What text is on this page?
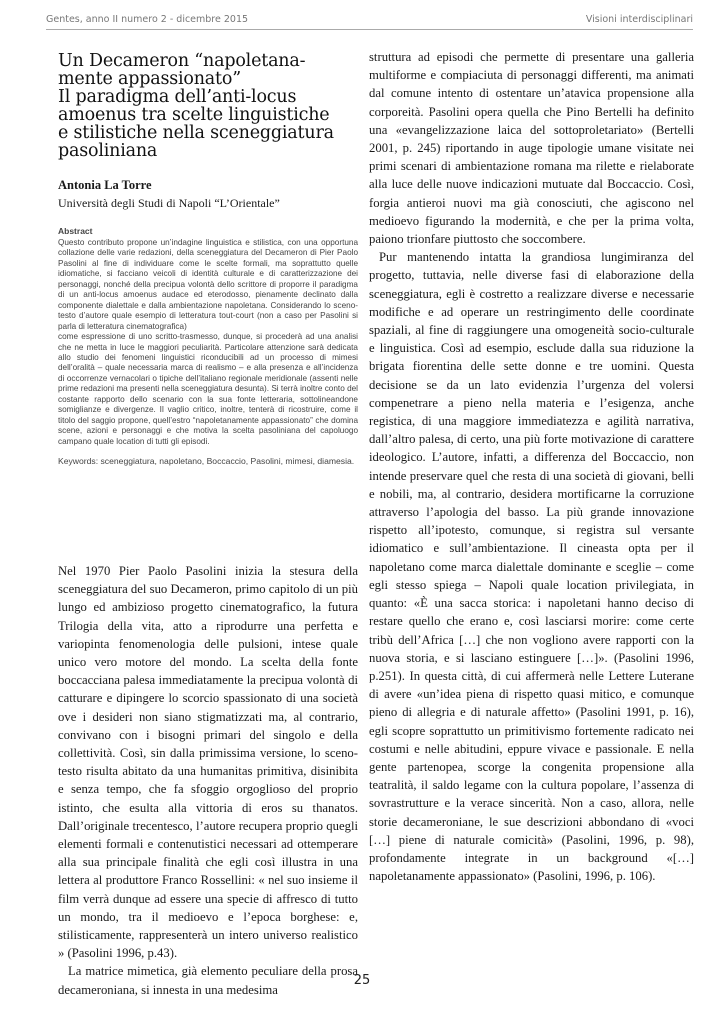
Gentes, anno II numero 2 - dicembre 2015	Visioni interdisciplinari
Un Decameron “napoletana-
mente appassionato”
Il paradigma dell’anti-locus
amoenus tra scelte linguistiche
e stilistiche nella sceneggiatura
pasoliniana
Antonia La Torre
Università degli Studi di Napoli “L’Orientale”
Abstract

Questo contributo propone un’indagine linguistica e stilistica, con una opportuna collazione delle varie redazioni, della sceneggiatura del Decameron di Pier Paolo Pasolini al fine di individuare come le scelte formali, ma soprattutto quelle idiomatiche, si facciano veicoli di identità culturale e di caratterizzazione dei personaggi, nonché della precipua volontà dello scrittore di proporre il paradigma di un anti-locus amoenus audace ed eterodosso, pienamente declinato dalla componente dialettale e dalla ambientazione napoletana. Considerando lo sceno-testo d’autore quale esempio di letteratura tout-court (non a caso per Pasolini si parla di letteratura cinematografica)

come espressione di uno scritto-trasmesso, dunque, si procederà ad una analisi che ne metta in luce le maggiori peculiarità. Particolare attenzione sarà dedicata allo studio dei fenomeni linguistici riconducibili ad un processo di mimesi dell’oralità – quale necessaria marca di realismo – e alla presenza e all’incidenza di occorrenze vernacolari o tipiche dell’italiano regionale meridionale (assenti nelle prime redazioni ma presenti nella sceneggiatura desunta). Si terrà inoltre conto del costante rapporto dello scenario con la sua fonte letteraria, sottolineandone somiglianze e divergenze. Il vaglio critico, inoltre, tenterà di ricostruire, come il titolo del saggio propone, quell’estro “napoletanamente appassionato” che domina scene, azioni e personaggi e che motiva la scelta pasoliniana del capoluogo campano quale location di tutti gli episodi.

Keywords: sceneggiatura, napoletano, Boccaccio, Pasolini, mimesi, diamesia.

Nel 1970 Pier Paolo Pasolini inizia la stesura della sceneggiatura del suo Decameron, primo capitolo di un più lungo ed ambizioso progetto cinematografico, la futura Trilogia della vita, atto a riprodurre una perfetta e variopinta fenomenologia delle pulsioni, intese quale unico vero motore del mondo. La scelta della fonte boccacciana palesa immediatamente la precipua volontà di catturare e dipingere lo scorcio spassionato di una società ove i desideri non siano stigmatizzati ma, al contrario, convivano con i bisogni primari del singolo e della collettività. Così, sin dalla primissima versione, lo sceno-testo risulta abitato da una humanitas primitiva, disinibita e senza tempo, che fa sfoggio orgoglioso del proprio istinto, che esulta alla vittoria di eros su thanatos. Dall’originale trecentesco, l’autore recupera proprio quegli elementi formali e contenutistici necessari ad ottemperare alla sua principale finalità che egli così illustra in una lettera al produttore Franco Rossellini: « nel suo insieme il film verrà dunque ad essere una specie di affresco di tutto un mondo, tra il medioevo e l’epoca borghese: e, stilisticamente, rappresenterà un intero universo realistico » (Pasolini 1996, p.43).

La matrice mimetica, già elemento peculiare della prosa decameroniana, si innesta in una medesima

struttura ad episodi che permette di presentare una galleria multiforme e compiaciuta di personaggi differenti, ma animati dal comune intento di ostentare un’atavica propensione alla corporeità. Pasolini opera quella che Pino Bertelli ha definito una «evangelizzazione laica del sottoproletariato» (Bertelli 2001, p. 245) riportando in auge tipologie umane visitate nei primi scenari di ambientazione romana ma rilette e rielaborate alla luce delle nuove indicazioni mutuate dal Boccaccio. Così, forgia antieroi nuovi ma già conosciuti, che agiscono nel medioevo figurando la modernità, e che per la prima volta, paiono trionfare piuttosto che soccombere.

Pur mantenendo intatta la grandiosa lungimiranza del progetto, tuttavia, nelle diverse fasi di elaborazione della sceneggiatura, egli è costretto a realizzare diverse e necessarie modifiche e ad operare un restringimento delle coordinate spaziali, al fine di raggiungere una omogeneità socio-culturale e linguistica. Così ad esempio, esclude dalla sua riduzione la brigata fiorentina delle sette donne e tre uomini. Questa decisione se da un lato evidenzia l’urgenza del volersi compenetrare a pieno nella materia e l’esigenza, anche registica, di una maggiore immediatezza e agilità narrativa, dall’altro palesa, di certo, una più forte motivazione di carattere ideologico. L’autore, infatti, a differenza del Boccaccio, non intende preservare quel che resta di una società di giovani, belli e nobili, ma, al contrario, desidera mortificarne la corruzione attraverso l’apologia del basso. La più grande innovazione rispetto all’ipotesto, comunque, si registra sul versante idiomatico e sull’ambientazione. Il cineasta opta per il napoletano come marca dialettale dominante e sceglie – come egli stesso spiega – Napoli quale location privilegiata, in quanto: «È una sacca storica: i napoletani hanno deciso di restare quello che erano e, così lasciarsi morire: come certe tribù dell’Africa […] che non vogliono avere rapporti con la nuova storia, e si lasciano estinguere […]». (Pasolini 1996, p.251). In questa città, di cui affermerà nelle Lettere Luterane di avere «un’idea piena di rispetto quasi mitico, e comunque pieno di allegria e di naturale affetto» (Pasolini 1991, p. 16), egli scopre soprattutto un primitivismo fortemente radicato nei costumi e nelle abitudini, eppure vivace e passionale. E nella gente partenopea, scorge la congenita propensione alla teatralità, il saldo legame con la cultura popolare, l’assenza di sovrastrutture e la verace sincerità. Non a caso, allora, nelle storie decameroniane, le sue descrizioni abbondano di «voci […] piene di naturale comicità» (Pasolini, 1996, p. 98), profondamente integrate in un background «[…] napoletanamente appassionato» (Pasolini, 1996, p. 106).

25
